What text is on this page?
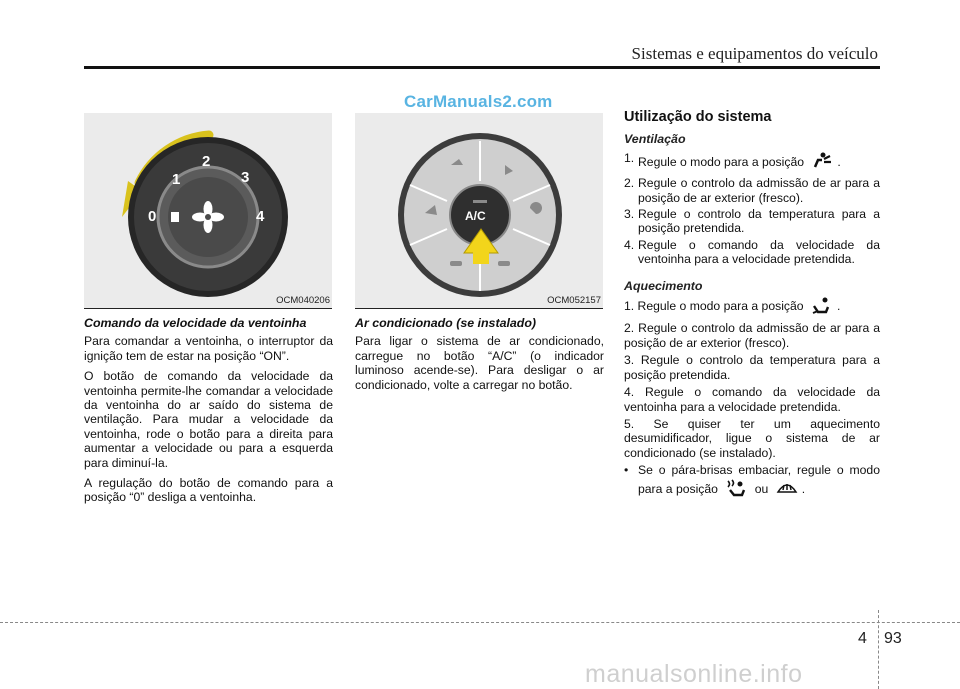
Sistemas e equipamentos do veículo
CarManuals2.com
0
1
2
3
4
OCM040206
A/C
OCM052157
Comando da velocidade da ventoinha

Para comandar a ventoinha, o interruptor da ignição tem de estar na posição “ON”.

O botão de comando da velocidade da ventoinha permite-lhe comandar a velocidade da ventoinha do ar saído do sistema de ventilação. Para mudar a velocidade da ventoinha, rode o botão para a direita para aumentar a velocidade ou para a esquerda para diminuí-la.

A regulação do botão de comando para a posição “0” desliga a ventoinha.

Ar condicionado (se instalado)

Para ligar o sistema de ar condicionado, carregue no botão “A/C” (o indicador luminoso acende-se). Para desligar o ar condicionado, volte a carregar no botão.

Utilização do sistema
Ventilação
1. Regule o modo para a posição	.
2. Regule o controlo da admissão de ar para a posição de ar exterior (fresco).
3. Regule o controlo da temperatura para a posição pretendida.
4. Regule o comando da velocidade da ventoinha para a velocidade pretendida.
Aquecimento

1. Regule o modo para a posição	.

2. Regule o controlo da admissão de ar para a posição de ar exterior (fresco).

3. Regule o controlo da temperatura para a posição pretendida.

4. Regule o comando da velocidade da ventoinha para a velocidade pretendida.

5. Se quiser ter um aquecimento desumidificador, ligue o sistema de ar condicionado (se instalado).

• Se o pára-brisas embaciar, regule o modo para a posição	ou	.
4 93
manualsonline.info
